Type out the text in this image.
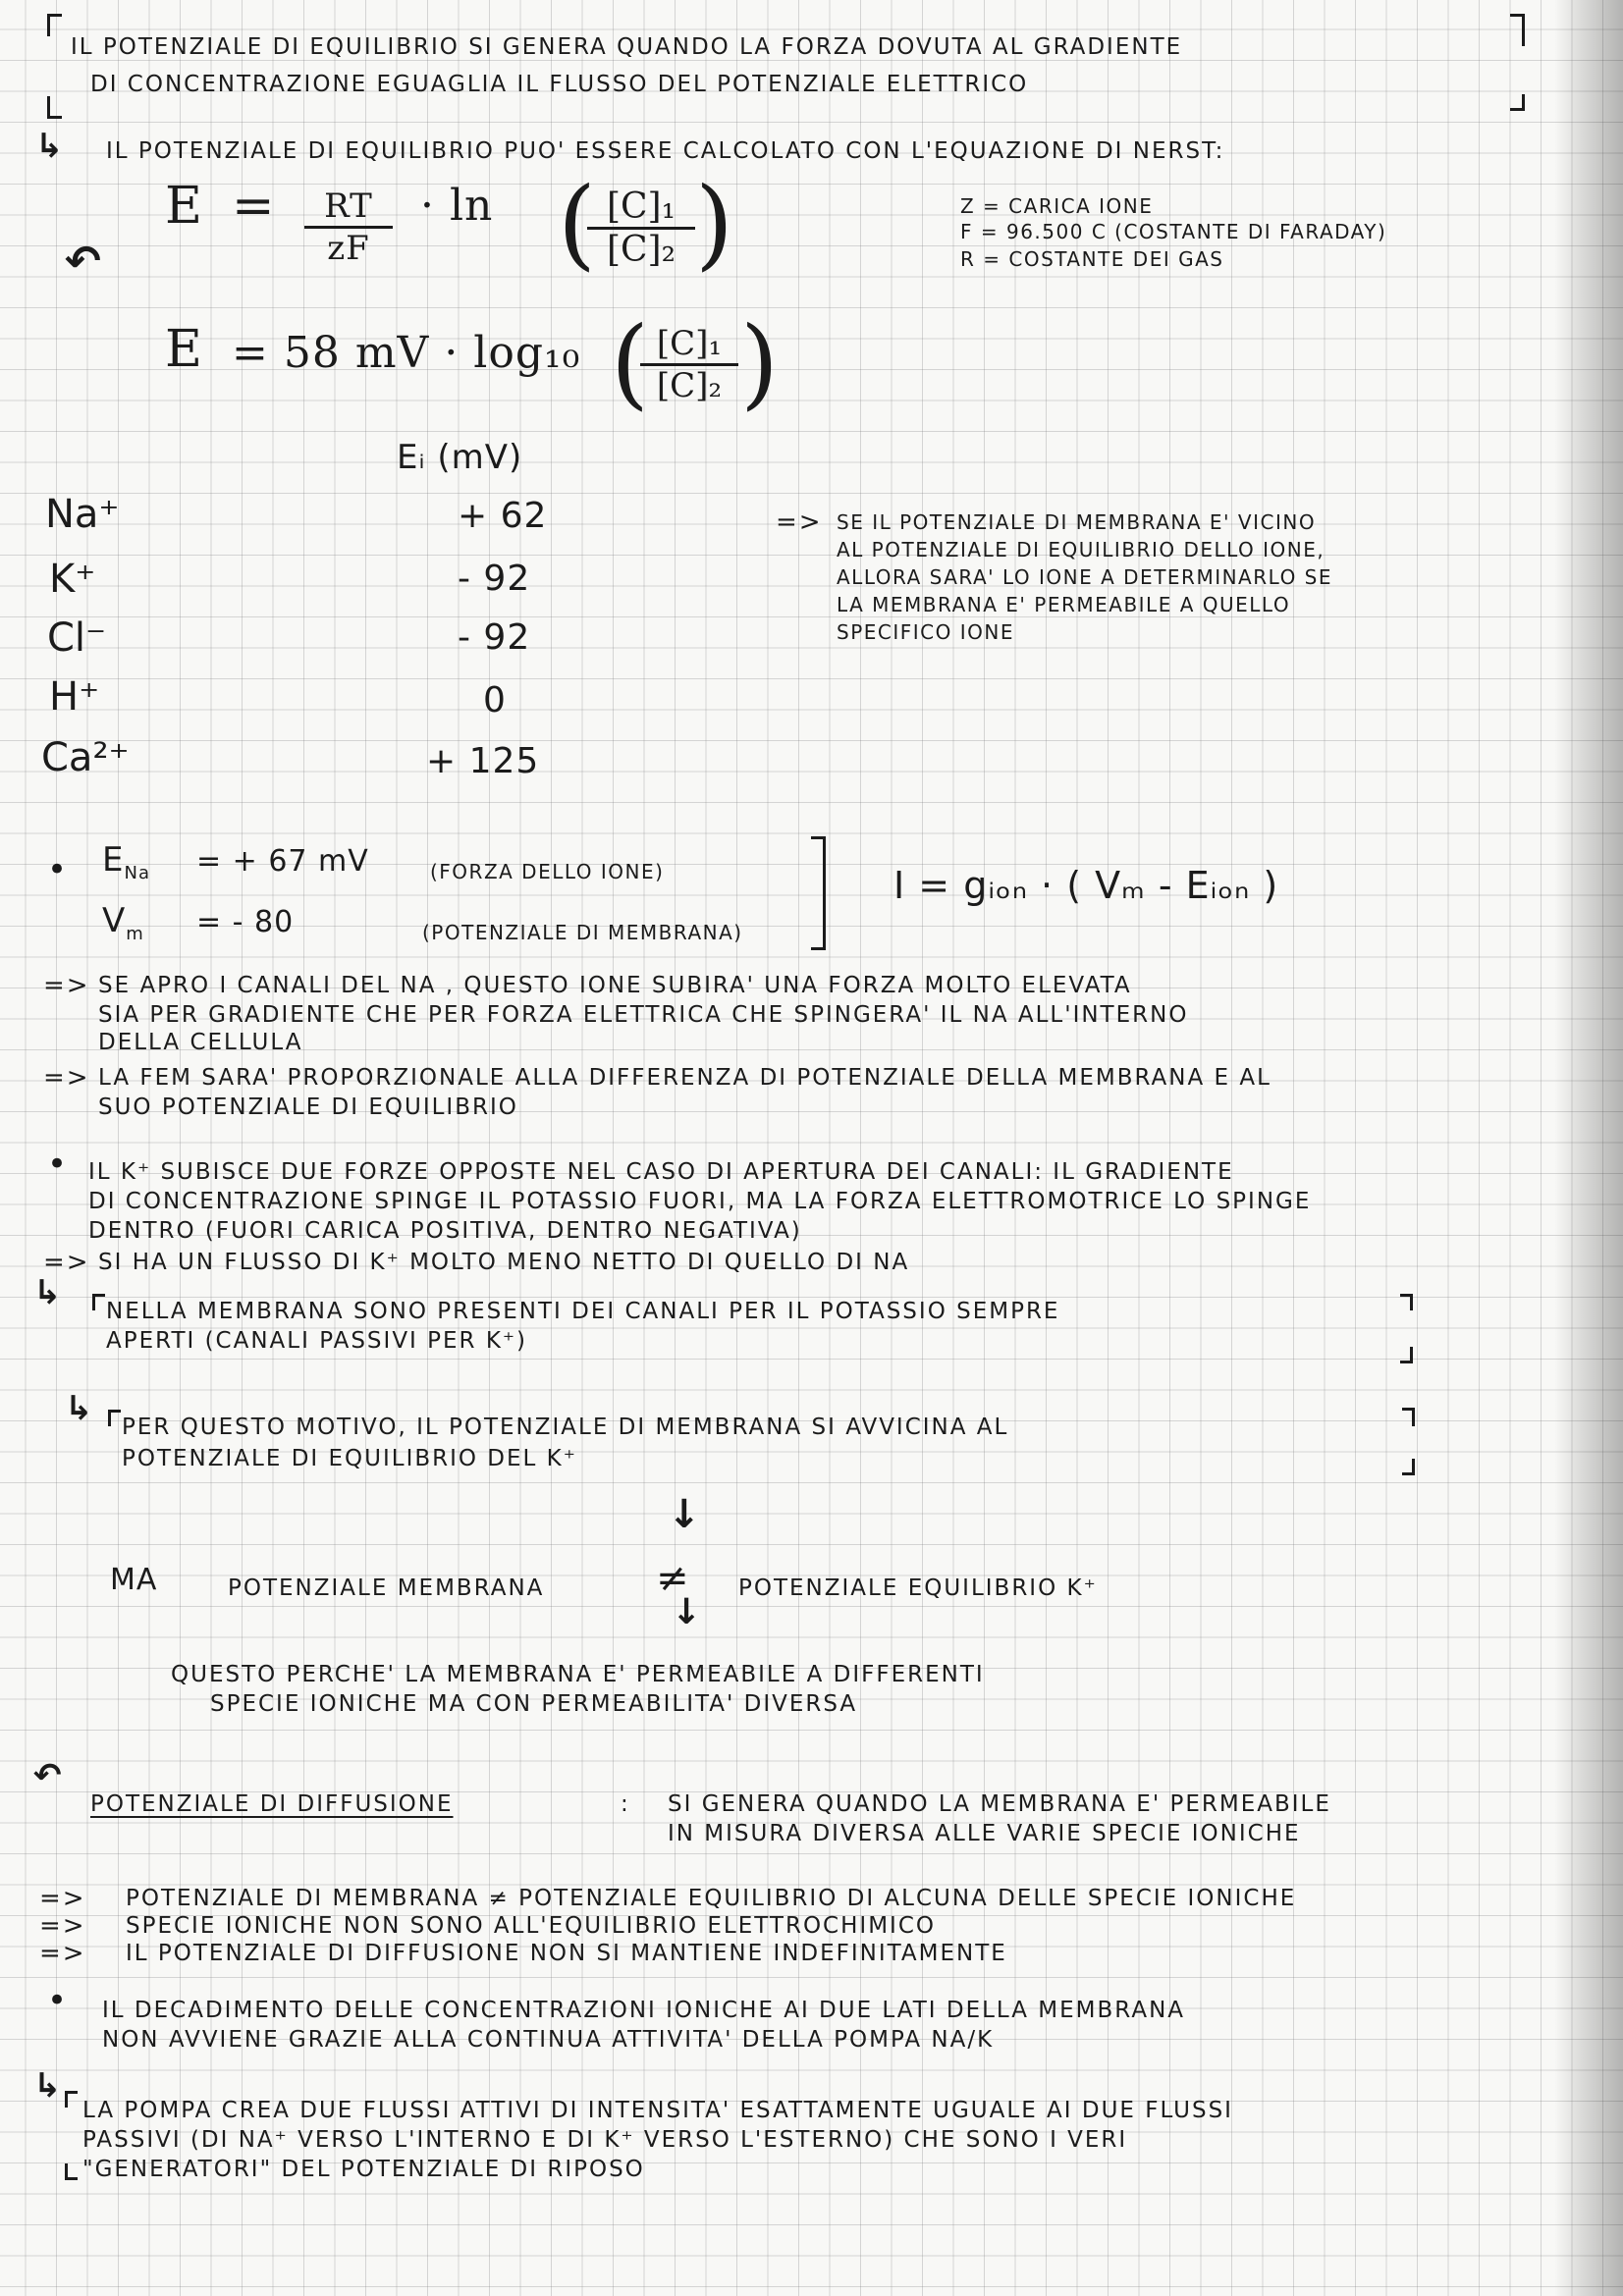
IL POTENZIALE DI EQUILIBRIO SI GENERA QUANDO LA FORZA DOVUTA AL GRADIENTE
DI CONCENTRAZIONE EGUAGLIA IL FLUSSO DEL POTENZIALE ELETTRICO
↳ IL POTENZIALE DI EQUILIBRIO PUO' ESSERE CALCOLATO CON L'EQUAZIONE DI NERST:
↶
E =	RT
zF
· ln ( [C]₁
[C]₂ )	Z = CARICA IONE
F = 96.500 C (COSTANTE DI FARADAY)
R = COSTANTE DEI GAS
E = 58 mV · log₁₀ ( [C]₁
[C]₂ )
Eᵢ (mV)
Na⁺	+ 62
K⁺	- 92
Cl⁻	- 92
H⁺	0
Ca²⁺	+ 125
=> SE IL POTENZIALE DI MEMBRANA E' VICINO
AL POTENZIALE DI EQUILIBRIO DELLO IONE,
ALLORA SARA' LO IONE A DETERMINARLO SE
LA MEMBRANA E' PERMEABILE A QUELLO
SPECIFICO IONE
• $E_{Na}$ = + 67 mV	(FORZA DELLO IONE)
$V_m$ = - 80	(POTENZIALE DI MEMBRANA)
I = gᵢₒₙ · ( Vₘ - Eᵢₒₙ )
=> SE APRO I CANALI DEL NA , QUESTO IONE SUBIRA' UNA FORZA MOLTO ELEVATA
SIA PER GRADIENTE CHE PER FORZA ELETTRICA CHE SPINGERA' IL NA ALL'INTERNO
DELLA CELLULA
=> LA FEM SARA' PROPORZIONALE ALLA DIFFERENZA DI POTENZIALE DELLA MEMBRANA E AL
SUO POTENZIALE DI EQUILIBRIO
• IL K⁺ SUBISCE DUE FORZE OPPOSTE NEL CASO DI APERTURA DEI CANALI: IL GRADIENTE
DI CONCENTRAZIONE SPINGE IL POTASSIO FUORI, MA LA FORZA ELETTROMOTRICE LO SPINGE
DENTRO (FUORI CARICA POSITIVA, DENTRO NEGATIVA)
=> SI HA UN FLUSSO DI K⁺ MOLTO MENO NETTO DI QUELLO DI NA
↳ NELLA MEMBRANA SONO PRESENTI DEI CANALI PER IL POTASSIO SEMPRE
APERTI (CANALI PASSIVI PER K⁺)
↳ PER QUESTO MOTIVO, IL POTENZIALE DI MEMBRANA SI AVVICINA AL
POTENZIALE DI EQUILIBRIO DEL K⁺
↓
MA	POTENZIALE MEMBRANA	≠ POTENZIALE EQUILIBRIO K⁺
↓
QUESTO PERCHE' LA MEMBRANA E' PERMEABILE A DIFFERENTI
SPECIE IONICHE MA CON PERMEABILITA' DIVERSA
↶
POTENZIALE DI DIFFUSIONE	: SI GENERA QUANDO LA MEMBRANA E' PERMEABILE
IN MISURA DIVERSA ALLE VARIE SPECIE IONICHE
=> POTENZIALE DI MEMBRANA ≠ POTENZIALE EQUILIBRIO DI ALCUNA DELLE SPECIE IONICHE
=> SPECIE IONICHE NON SONO ALL'EQUILIBRIO ELETTROCHIMICO
=> IL POTENZIALE DI DIFFUSIONE NON SI MANTIENE INDEFINITAMENTE
• IL DECADIMENTO DELLE CONCENTRAZIONI IONICHE AI DUE LATI DELLA MEMBRANA
NON AVVIENE GRAZIE ALLA CONTINUA ATTIVITA' DELLA POMPA NA/K
↳
LA POMPA CREA DUE FLUSSI ATTIVI DI INTENSITA' ESATTAMENTE UGUALE AI DUE FLUSSI
PASSIVI (DI NA⁺ VERSO L'INTERNO E DI K⁺ VERSO L'ESTERNO) CHE SONO I VERI
"GENERATORI" DEL POTENZIALE DI RIPOSO
